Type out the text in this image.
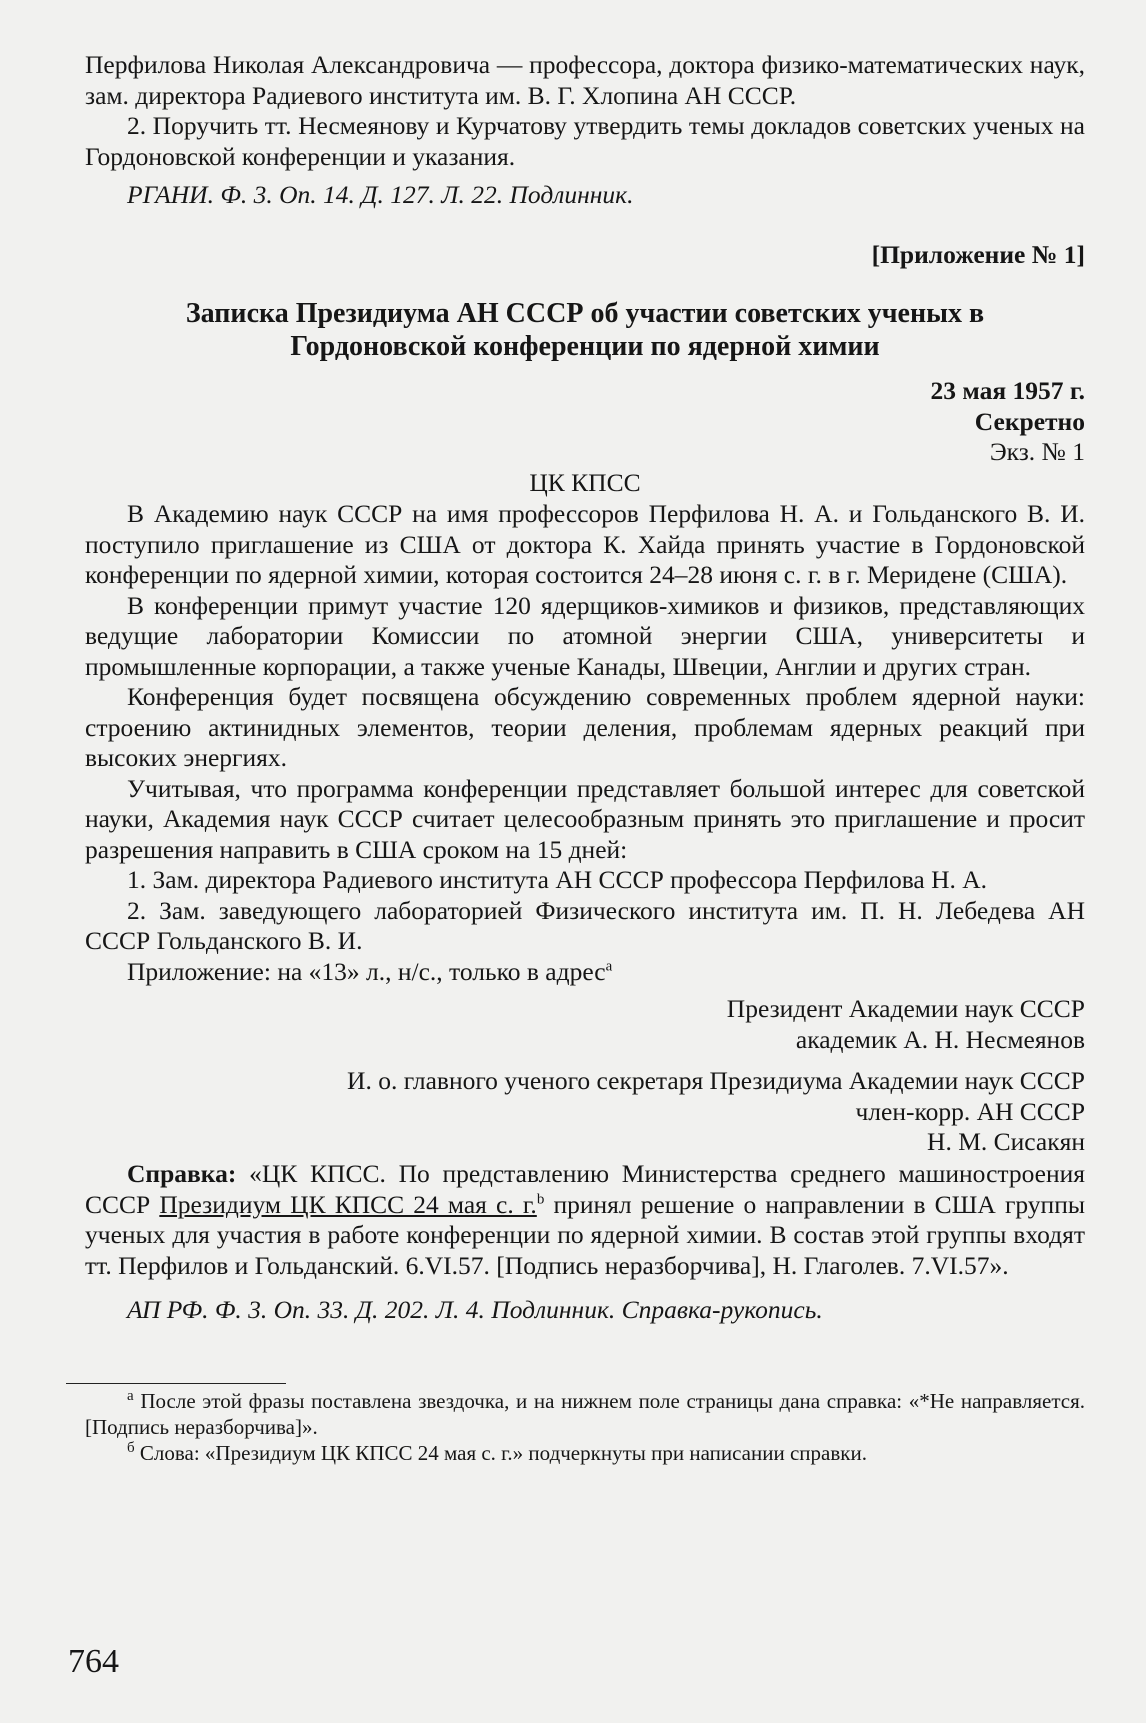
Перфилова Николая Александровича — профессора, доктора физико-математических наук, зам. директора Радиевого института им. В. Г. Хлопина АН СССР.

2. Поручить тт. Несмеянову и Курчатову утвердить темы докладов советских ученых на Гордоновской конференции и указания.

РГАНИ. Ф. 3. Оп. 14. Д. 127. Л. 22. Подлинник.

[Приложение № 1]

Записка Президиума АН СССР об участии советских ученых в Гордоновской конференции по ядерной химии

23 мая 1957 г.

Секретно

Экз. № 1

ЦК КПСС

В Академию наук СССР на имя профессоров Перфилова Н. А. и Гольданского В. И. поступило приглашение из США от доктора К. Хайда принять участие в Гордоновской конференции по ядерной химии, которая состоится 24–28 июня с. г. в г. Меридене (США).

В конференции примут участие 120 ядерщиков-химиков и физиков, представляющих ведущие лаборатории Комиссии по атомной энергии США, университеты и промышленные корпорации, а также ученые Канады, Швеции, Англии и других стран.

Конференция будет посвящена обсуждению современных проблем ядерной науки: строению актинидных элементов, теории деления, проблемам ядерных реакций при высоких энергиях.

Учитывая, что программа конференции представляет большой интерес для советской науки, Академия наук СССР считает целесообразным принять это приглашение и просит разрешения направить в США сроком на 15 дней:

1. Зам. директора Радиевого института АН СССР профессора Перфилова Н. А.

2. Зам. заведующего лабораторией Физического института им. П. Н. Лебедева АН СССР Гольданского В. И.

Приложение: на «13» л., н/с., только в адрес$^а$

Президент Академии наук СССР

академик А. Н. Несмеянов

И. о. главного ученого секретаря Президиума Академии наук СССР

член-корр. АН СССР

Н. М. Сисакян

Справка: «ЦК КПСС. По представлению Министерства среднего машиностроения СССР Президиум ЦК КПСС 24 мая с. г.$^b$ принял решение о направлении в США группы ученых для участия в работе конференции по ядерной химии. В состав этой группы входят тт. Перфилов и Гольданский. 6.VI.57. [Подпись неразборчива], Н. Глаголев. 7.VI.57».

АП РФ. Ф. 3. Оп. 33. Д. 202. Л. 4. Подлинник. Справка-рукопись.

$^a$ После этой фразы поставлена звездочка, и на нижнем поле страницы дана справка: «*Не направляется. [Подпись неразборчива]».

$^б$ Слова: «Президиум ЦК КПСС 24 мая с. г.» подчеркнуты при написании справки.

764
